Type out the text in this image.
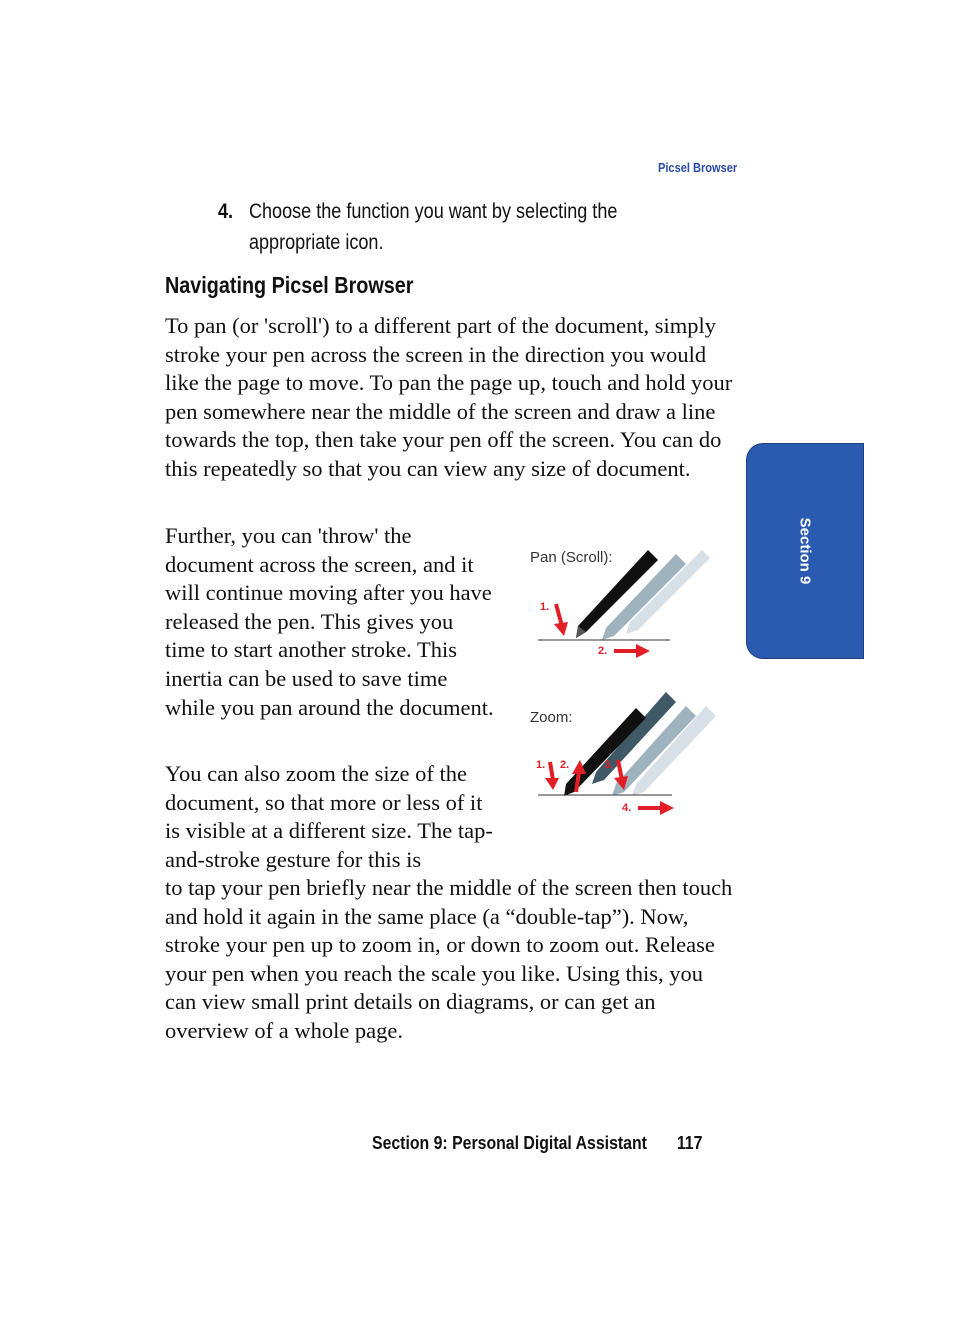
Picsel Browser
4. Choose the function you want by selecting the appropriate icon.
Navigating Picsel Browser

To pan (or 'scroll') to a different part of the document, simply stroke your pen across the screen in the direction you would like the page to move. To pan the page up, touch and hold your pen somewhere near the middle of the screen and draw a line towards the top, then take your pen off the screen. You can do this repeatedly so that you can view any size of document.

Further, you can 'throw' the document across the screen, and it will continue moving after you have released the pen. This gives you time to start another stroke. This inertia can be used to save time while you pan around the document.

You can also zoom the size of the document, so that more or less of it is visible at a different size. The tap-and-stroke gesture for this is

to tap your pen briefly near the middle of the screen then touch and hold it again in the same place (a “double-tap”). Now, stroke your pen up to zoom in, or down to zoom out. Release your pen when you reach the scale you like. Using this, you can view small print details on diagrams, or can get an overview of a whole page.

Pan (Scroll):
1.
2.
Zoom:
1. 2.	3.
4.
Section 9
Section 9: Personal Digital Assistant 117
